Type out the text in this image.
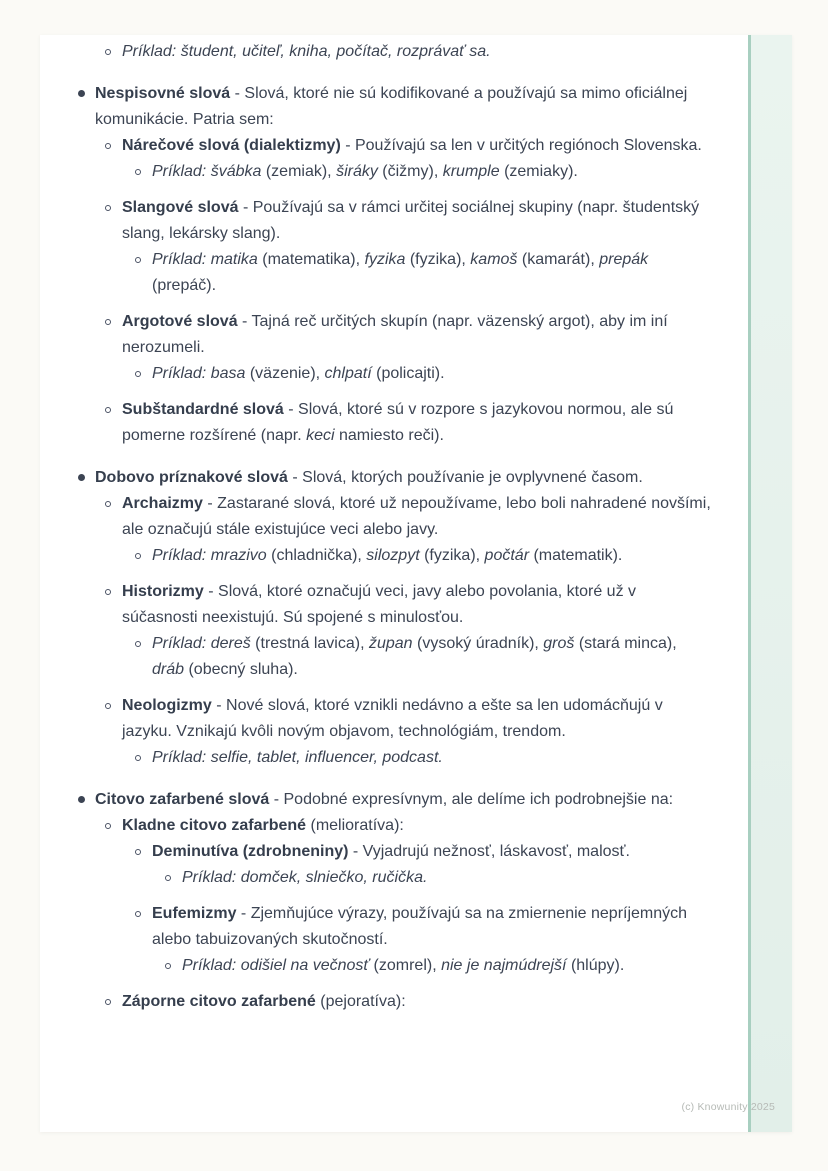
Príklad: študent, učiteľ, kniha, počítač, rozprávať sa.
Nespisovné slová - Slová, ktoré nie sú kodifikované a používajú sa mimo oficiálnej komunikácie. Patria sem:
Nárečové slová (dialektizmy) - Používajú sa len v určitých regiónoch Slovenska.
Príklad: švábka (zemiak), širáky (čižmy), krumple (zemiaky).
Slangové slová - Používajú sa v rámci určitej sociálnej skupiny (napr. študentský slang, lekársky slang).
Príklad: matika (matematika), fyzika (fyzika), kamoš (kamarát), prepák (prepáč).
Argotové slová - Tajná reč určitých skupín (napr. väzenský argot), aby im iní nerozumeli.
Príklad: basa (väzenie), chlpatí (policajti).
Subštandardné slová - Slová, ktoré sú v rozpore s jazykovou normou, ale sú pomerne rozšírené (napr. keci namiesto reči).
Dobovo príznakové slová - Slová, ktorých používanie je ovplyvnené časom.
Archaizmy - Zastarané slová, ktoré už nepoužívame, lebo boli nahradené novšími, ale označujú stále existujúce veci alebo javy.
Príklad: mrazivo (chladnička), silozpyt (fyzika), počtár (matematik).
Historizmy - Slová, ktoré označujú veci, javy alebo povolania, ktoré už v súčasnosti neexistujú. Sú spojené s minulosťou.
Príklad: dereš (trestná lavica), župan (vysoký úradník), groš (stará minca), dráb (obecný sluha).
Neologizmy - Nové slová, ktoré vznikli nedávno a ešte sa len udomácňujú v jazyku. Vznikajú kvôli novým objavom, technológiám, trendom.
Príklad: selfie, tablet, influencer, podcast.
Citovo zafarbené slová - Podobné expresívnym, ale delíme ich podrobnejšie na:
Kladne citovo zafarbené (melioratíva):
Deminutíva (zdrobneniny) - Vyjadrujú nežnosť, láskavosť, malosť.
Príklad: domček, slniečko, ručička.
Eufemizmy - Zjemňujúce výrazy, používajú sa na zmiernenie nepríjemných alebo tabuizovaných skutočností.
Príklad: odišiel na večnosť (zomrel), nie je najmúdrejší (hlúpy).
Záporne citovo zafarbené (pejoratíva):
(c) Knowunity 2025
